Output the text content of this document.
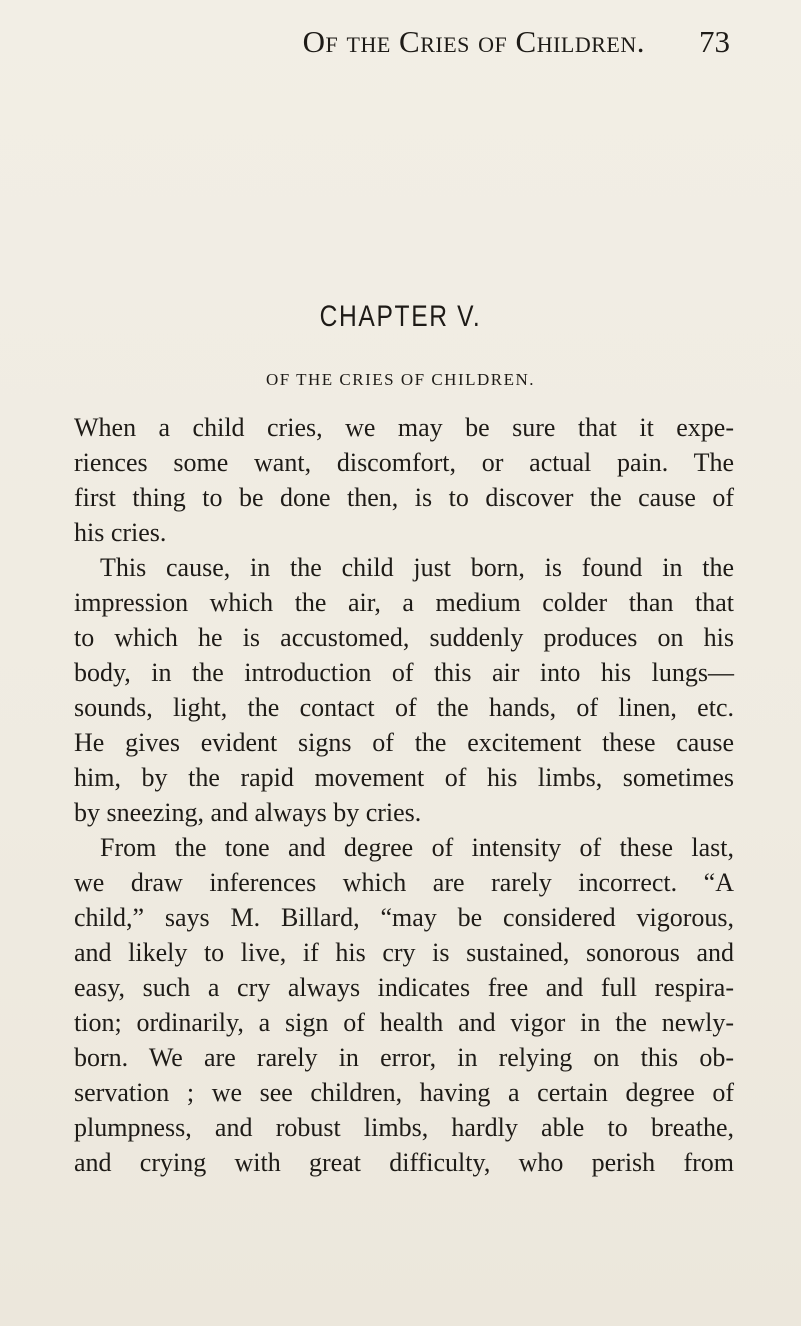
Of the Cries of Children. 73
CHAPTER V.
OF THE CRIES OF CHILDREN.
When a child cries, we may be sure that it expe-
riences some want, discomfort, or actual pain. The
first thing to be done then, is to discover the cause of
his cries.
This cause, in the child just born, is found in the
impression which the air, a medium colder than that
to which he is accustomed, suddenly produces on his
body, in the introduction of this air into his lungs—
sounds, light, the contact of the hands, of linen, etc.
He gives evident signs of the excitement these cause
him, by the rapid movement of his limbs, sometimes
by sneezing, and always by cries.
From the tone and degree of intensity of these last,
we draw inferences which are rarely incorrect. “A
child,” says M. Billard, “may be considered vigorous,
and likely to live, if his cry is sustained, sonorous and
easy, such a cry always indicates free and full respira-
tion; ordinarily, a sign of health and vigor in the newly-
born. We are rarely in error, in relying on this ob-
servation ; we see children, having a certain degree of
plumpness, and robust limbs, hardly able to breathe,
and crying with great difficulty, who perish from
